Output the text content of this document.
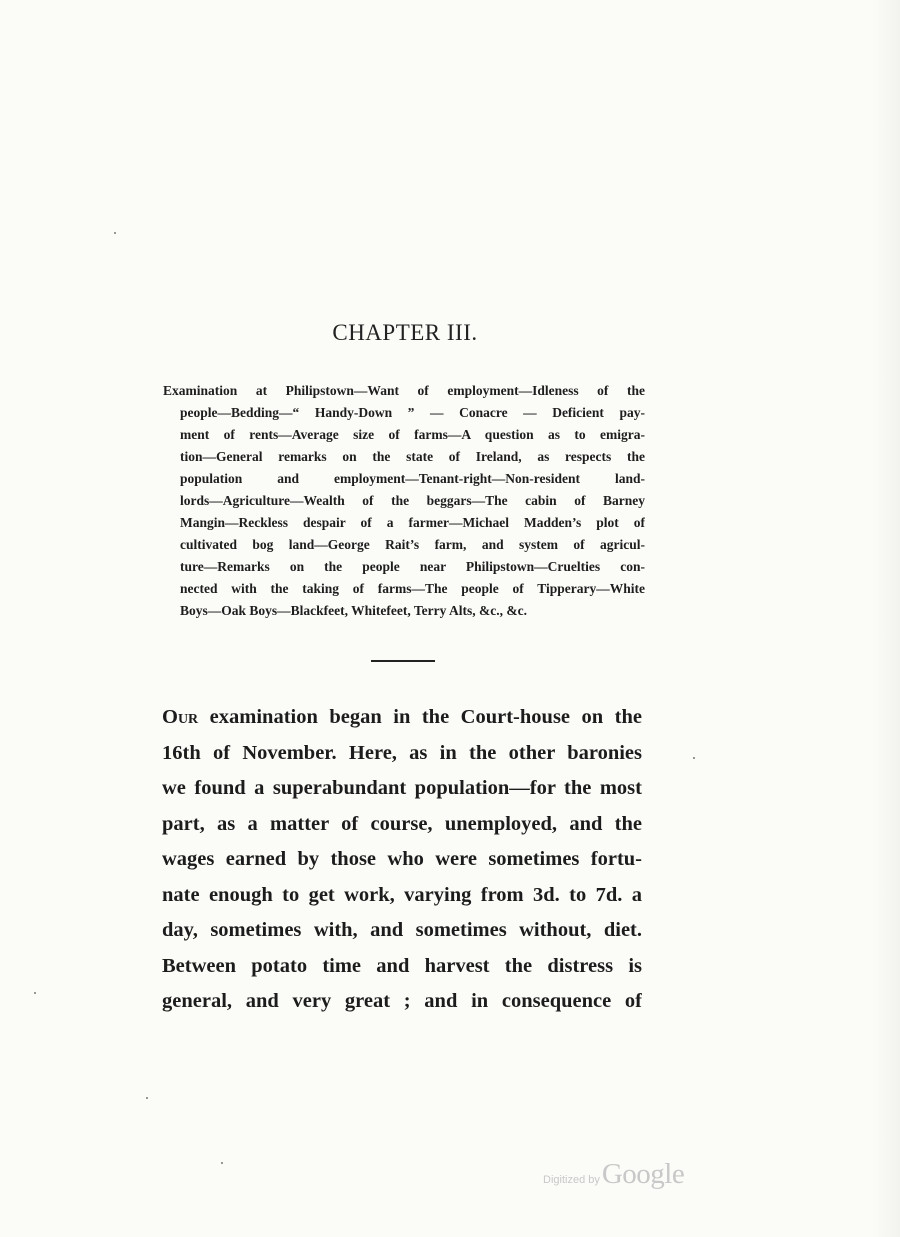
CHAPTER III.
Examination at Philipstown—Want of employment—Idleness of the
people—Bedding—“ Handy-Down ” — Conacre — Deficient pay-
ment of rents—Average size of farms—A question as to emigra-
tion—General remarks on the state of Ireland, as respects the
population and employment—Tenant-right—Non-resident land-
lords—Agriculture—Wealth of the beggars—The cabin of Barney
Mangin—Reckless despair of a farmer—Michael Madden’s plot of
cultivated bog land—George Rait’s farm, and system of agricul-
ture—Remarks on the people near Philipstown—Cruelties con-
nected with the taking of farms—The people of Tipperary—White
Boys—Oak Boys—Blackfeet, Whitefeet, Terry Alts, &c., &c.
Our examination began in the Court-house on the
16th of November. Here, as in the other baronies
we found a superabundant population—for the most
part, as a matter of course, unemployed, and the
wages earned by those who were sometimes fortu-
nate enough to get work, varying from 3d. to 7d. a
day, sometimes with, and sometimes without, diet.
Between potato time and harvest the distress is
general, and very great ; and in consequence of
Digitized byGoogle
